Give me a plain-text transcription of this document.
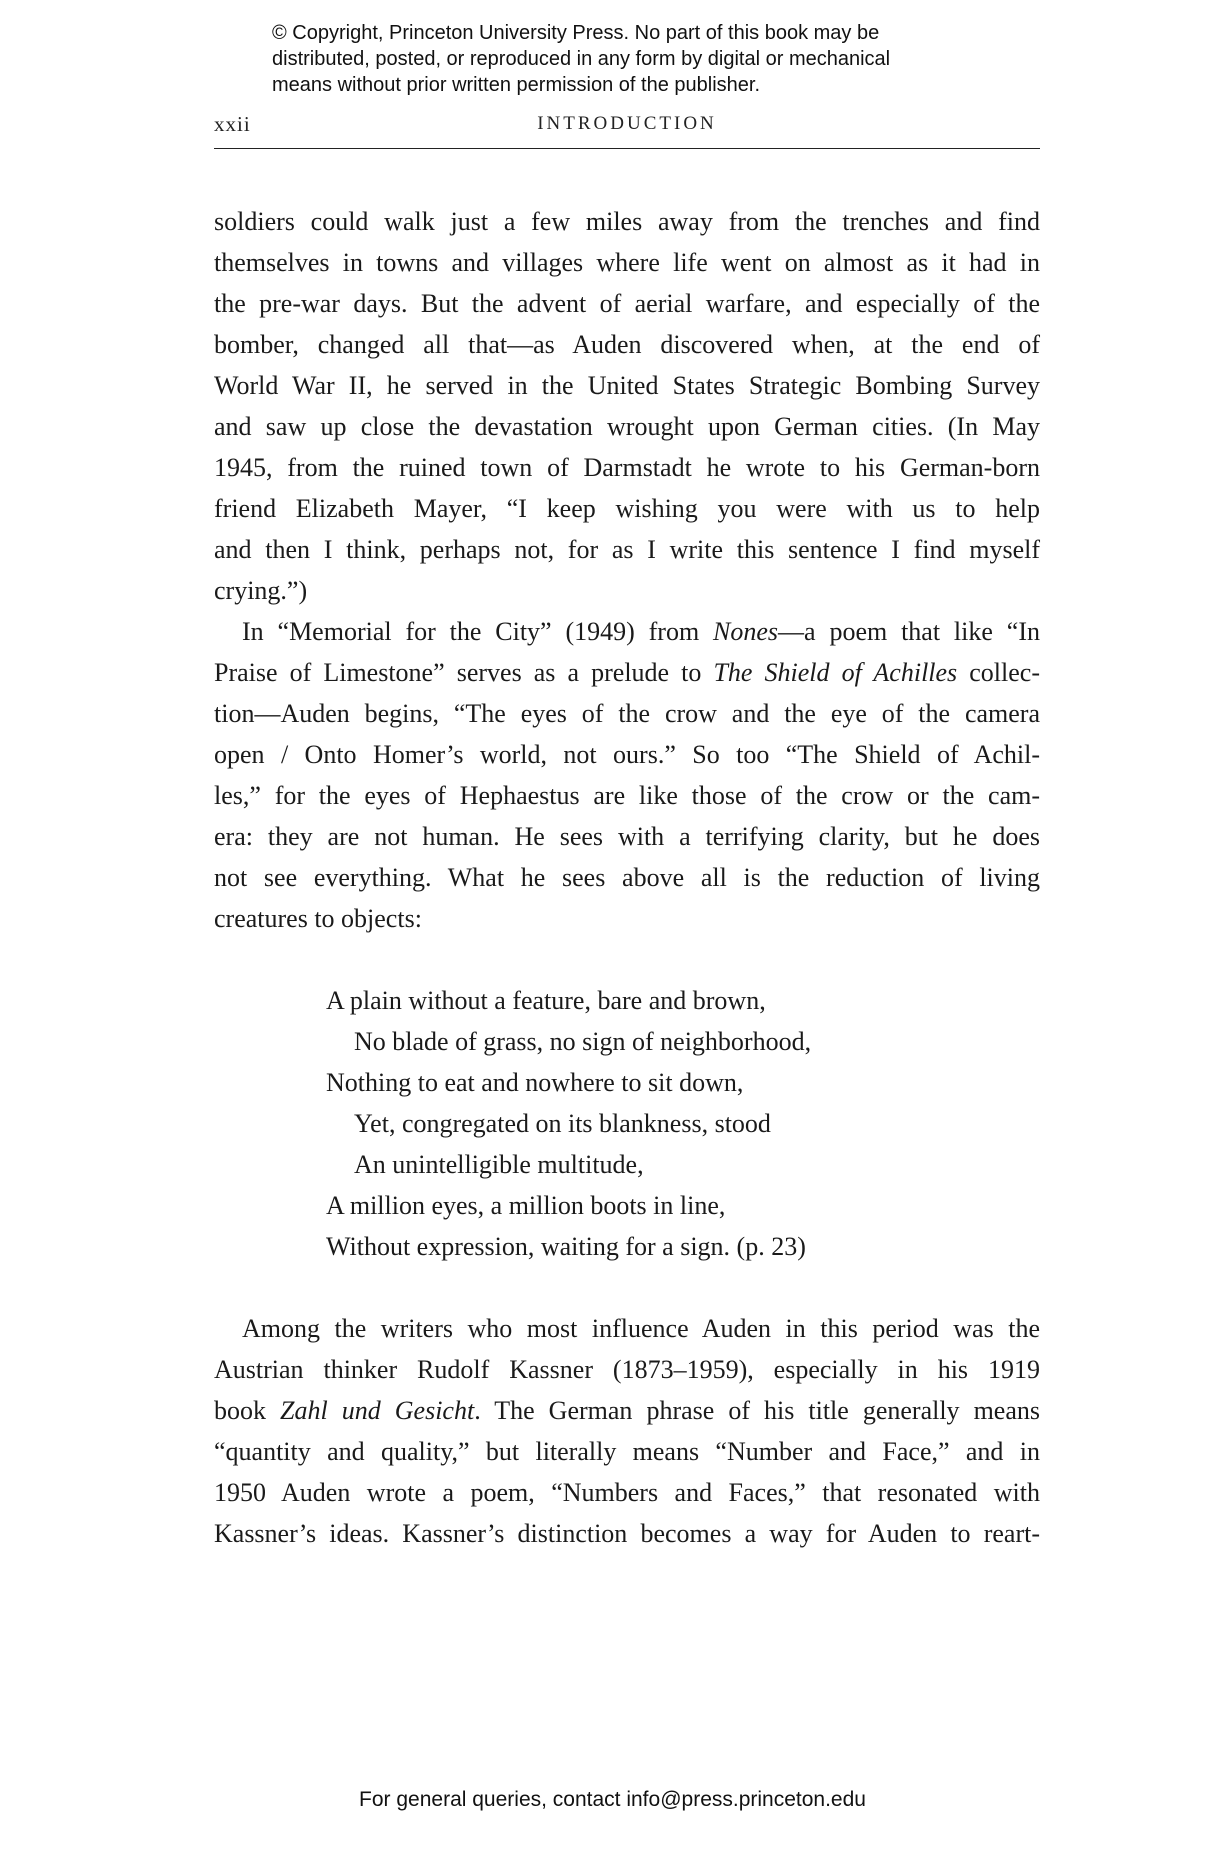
© Copyright, Princeton University Press. No part of this book may be
distributed, posted, or reproduced in any form by digital or mechanical
means without prior written permission of the publisher.
xxii	INTRODUCTION
soldiers could walk just a few miles away from the trenches and find
themselves in towns and villages where life went on almost as it had in
the pre-war days. But the advent of aerial warfare, and especially of the
bomber, changed all that—as Auden discovered when, at the end of
World War II, he served in the United States Strategic Bombing Survey
and saw up close the devastation wrought upon German cities. (In May
1945, from the ruined town of Darmstadt he wrote to his German-born
friend Elizabeth Mayer, “I keep wishing you were with us to help
and then I think, perhaps not, for as I write this sentence I find myself
crying.”)
In “Memorial for the City” (1949) from Nones—a poem that like “In
Praise of Limestone” serves as a prelude to The Shield of Achilles collec-
tion—Auden begins, “The eyes of the crow and the eye of the camera
open / Onto Homer’s world, not ours.” So too “The Shield of Achil-
les,” for the eyes of Hephaestus are like those of the crow or the cam-
era: they are not human. He sees with a terrifying clarity, but he does
not see everything. What he sees above all is the reduction of living
creatures to objects:
A plain without a feature, bare and brown,
No blade of grass, no sign of neighborhood,
Nothing to eat and nowhere to sit down,
Yet, congregated on its blankness, stood
An unintelligible multitude,
A million eyes, a million boots in line,
Without expression, waiting for a sign. (p. 23)
Among the writers who most influence Auden in this period was the
Austrian thinker Rudolf Kassner (1873–1959), especially in his 1919
book Zahl und Gesicht. The German phrase of his title generally means
“quantity and quality,” but literally means “Number and Face,” and in
1950 Auden wrote a poem, “Numbers and Faces,” that resonated with
Kassner’s ideas. Kassner’s distinction becomes a way for Auden to reart-
For general queries, contact info@press.princeton.edu
